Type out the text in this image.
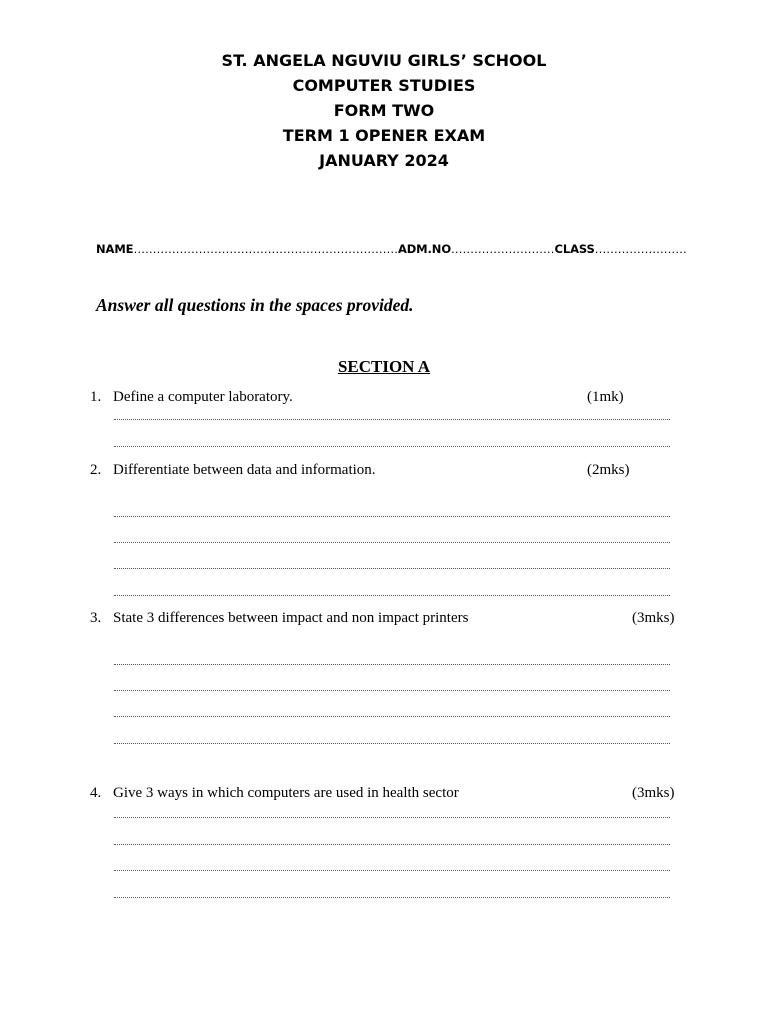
ST. ANGELA NGUVIU GIRLS’ SCHOOL
COMPUTER STUDIES
FORM TWO
TERM 1 OPENER EXAM
JANUARY 2024
NAME……………………………………………………………ADM.NO………………………CLASS……………………
Answer all questions in the spaces provided.
SECTION A
1. Define a computer laboratory.	(1mk)
2. Differentiate between data and information.	(2mks)
3. State 3 differences between impact and non impact printers	(3mks)
4. Give 3 ways in which computers are used in health sector	(3mks)
